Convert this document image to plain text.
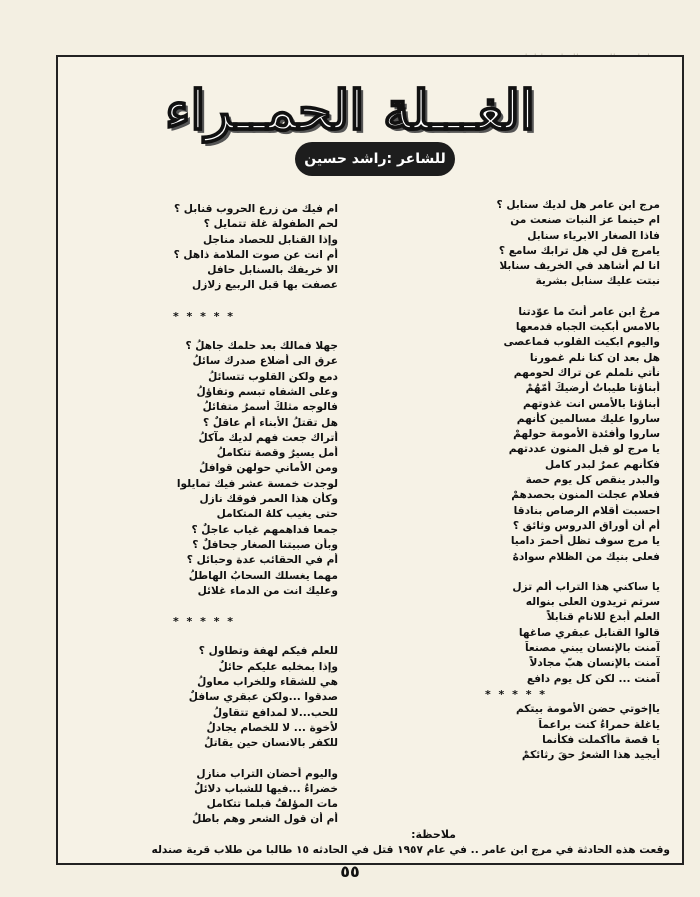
الغـــلة الحمــراء
للشاعر :راشد حسين
مرج ابن عامر هل لديك سنابل ؟
ام حينما عز النبات صنعت من
فاذا الصغار الابرياء سنابل
يامرج قل لي هل ترابك سامع ؟
انا لم أشاهد في الخريف سنابلا
نبتت عليك سنابل بشرية
مرجُ ابن عامر أنتَ ما عوّدتنا
بالامس أبكيت الجباه فدمعها
واليوم ابكيت القلوب فماعصى
هل بعد ان كنا نلم غمورنا
نأتي نلملم عن تراك لحومهم
أبناؤنا طيباتُ أرضيكَ أمّهُمْ
أبناؤنا بالأمس انت غذوتهم
ساروا عليك مسالمين كأنهم
ساروا وأفئدة الأمومة حولهمْ
يا مرج لو قبل المنون عددتهم
فكأنهم عمرٌ لبدر كامل
والبدر ينقص كل يوم حصة
فعلام عجلت المنون بحصدهمْ
احسبت أقلام الرصاص بنادقا
أم أن أوراق الدروس وثائق ؟
يا مرج سوف تظل أحمرَ داميا
فعلى بنيك من الظلام سوادهُ
يا ساكني هذا التراب ألم تزل
سرتم تريدون العلى بنواله
العلم أبدع للانام قنابلاً
قالوا القنابل عبقري صاغها
آمنت بالإنسان يبني مصنعاً
آمنت بالإنسان هبّ مجادلاً
آمنت ... لكن كل يوم دافع
* * * * *
ياإخوتي حضن الأمومة بيتكم
ياغلة حمراءُ كنت براعماً
يا قصة ماأكملت فكأنما
أيجيد هذا الشعرُ حقَ رثائكمْ
ام فيك من زرع الحروب قنابل ؟
لحم الطفولة غلة تتمايل ؟
وإذا القنابل للحصاد مناجل
أم انت عن صوت الملامة ذاهل ؟
الا خريفك بالسنابل حافل
عصفت بها قبل الربيع زلازل
* * * * *
جهلا فمالك بعد حلمك جاهلُ ؟
عرق الى أضلاع صدرك سائلُ
دمع ولكن القلوب تتسائلُ
وعلى الشفاه تبسم وتفاؤلُ
فالوجه مثلكَ أسمرُ متفائلُ
هل تقتلُ الأبناء أم عاقلٌ ؟
أتراك جعت فهم لديك مآكلُ
أمل يسيرُ وقصة تتكاملُ
ومن الأماني حولهن قوافلُ
لوجدت خمسة عشر فيك تمايلوا
وكأن هذا العمر فوقك نازل
حتى يغيب كلهُ المتكامل
جمعا فداهمهم غياب عاجلٌ ؟
وبأن صبيتنا الصغار جحافلٌ ؟
أم في الحقائب عدة وحبائل ؟
مهما يغسلك السحابُ الهاطلُ
وعليك انت من الدماء غلائل
* * * * *
للعلم فيكم لهفة وتطاول ؟
وإذا بمخلبه عليكم حائلٌ
هي للشقاء وللخراب معاولُ
صدقوا ...ولكن عبقري سافلٌ
للحب...لا لمدافع تتقاولُ
لأخوة ... لا للخصام يجادلُ
للكفر بالانسان حين يقاتلُ
واليوم أحضان التراب منازل
خضراءُ ...فيها للشباب دلائلٌ
مات المؤلفُ قبلما تتكامل
أم أن قول الشعر وهم باطلُ
ملاحظة:
وقعت هذه الحادثة في مرج ابن عامر .. في عام ١٩٥٧ قتل في الحادثه ١٥ طالبا من طلاب قرية صندله
٥٥
